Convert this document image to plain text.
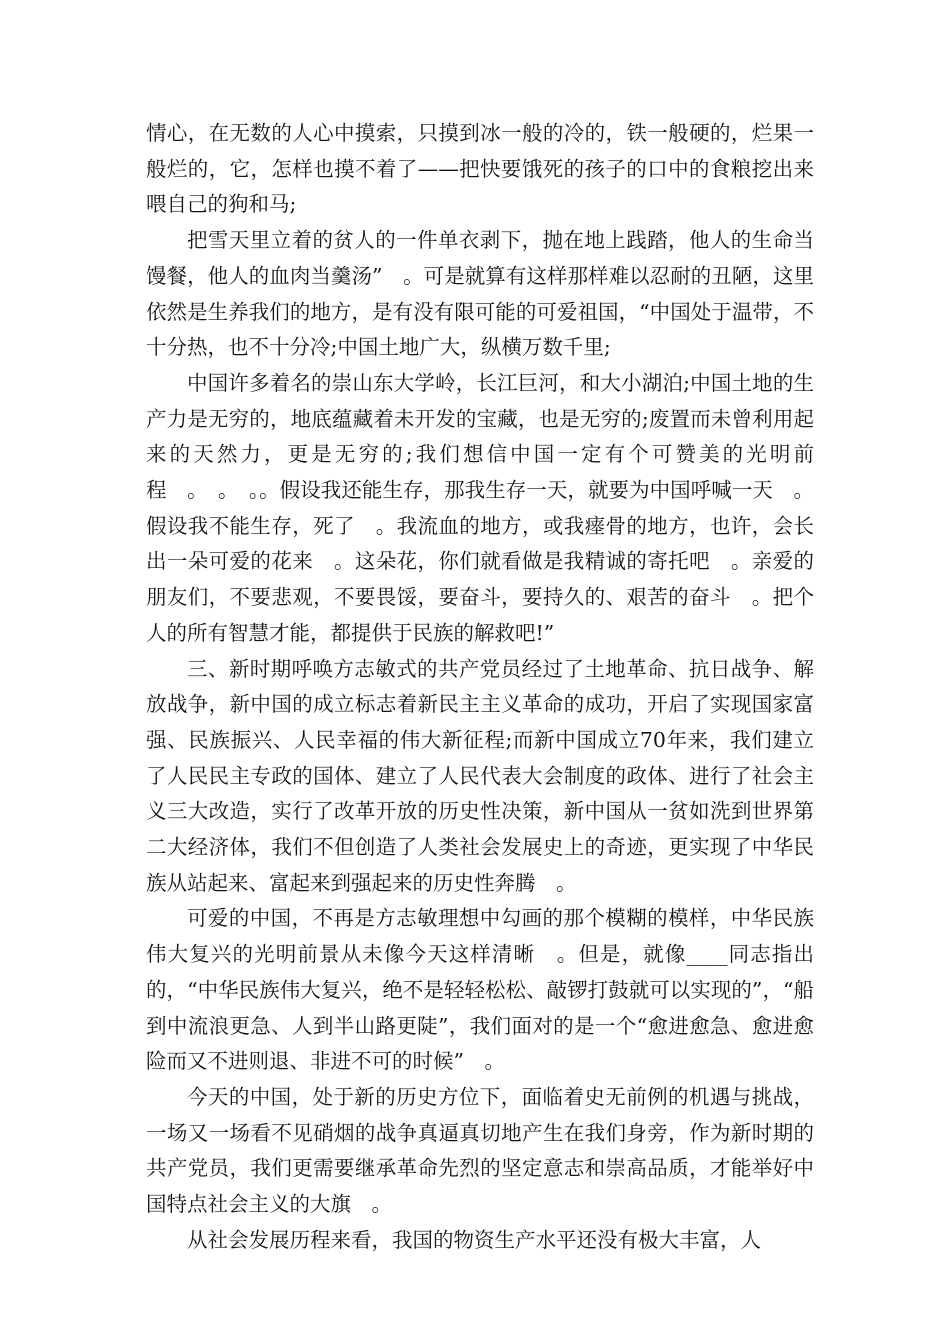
情心，在无数的人心中摸索，只摸到冰一般的冷的，铁一般硬的，烂果一般烂的，它，怎样也摸不着了——把快要饿死的孩子的口中的食粮挖出来喂自己的狗和马;

把雪天里立着的贫人的一件单衣剥下，抛在地上践踏，他人的生命当馒餐，他人的血肉当羹汤”　。可是就算有这样那样难以忍耐的丑陋，这里依然是生养我们的地方，是有没有限可能的可爱祖国，“中国处于温带，不十分热，也不十分冷;中国土地广大，纵横万数千里;

中国许多着名的崇山东大学岭，长江巨河，和大小湖泊;中国土地的生产力是无穷的，地底蕴藏着未开发的宝藏，也是无穷的;废置而未曾利用起来的天然力，更是无穷的;我们想信中国一定有个可赞美的光明前程　。　。　。。假设我还能生存，那我生存一天，就要为中国呼喊一天　。假设我不能生存，死了　。我流血的地方，或我瘗骨的地方，也许，会长出一朵可爱的花来　。这朵花，你们就看做是我精诚的寄托吧　。亲爱的朋友们，不要悲观，不要畏馁，要奋斗，要持久的、艰苦的奋斗　。把个人的所有智慧才能，都提供于民族的解救吧!”

三、新时期呼唤方志敏式的共产党员经过了土地革命、抗日战争、解放战争，新中国的成立标志着新民主主义革命的成功，开启了实现国家富强、民族振兴、人民幸福的伟大新征程;而新中国成立70年来，我们建立了人民民主专政的国体、建立了人民代表大会制度的政体、进行了社会主义三大改造，实行了改革开放的历史性决策，新中国从一贫如洗到世界第二大经济体，我们不但创造了人类社会发展史上的奇迹，更实现了中华民族从站起来、富起来到强起来的历史性奔腾　。

可爱的中国，不再是方志敏理想中勾画的那个模糊的模样，中华民族伟大复兴的光明前景从未像今天这样清晰　。但是，就像____同志指出的，“中华民族伟大复兴，绝不是轻轻松松、敲锣打鼓就可以实现的”，“船到中流浪更急、人到半山路更陡”，我们面对的是一个“愈进愈急、愈进愈险而又不进则退、非进不可的时候”　。

今天的中国，处于新的历史方位下，面临着史无前例的机遇与挑战，一场又一场看不见硝烟的战争真逼真切地产生在我们身旁，作为新时期的共产党员，我们更需要继承革命先烈的坚定意志和崇高品质，才能举好中国特点社会主义的大旗　。

从社会发展历程来看，我国的物资生产水平还没有极大丰富，人
